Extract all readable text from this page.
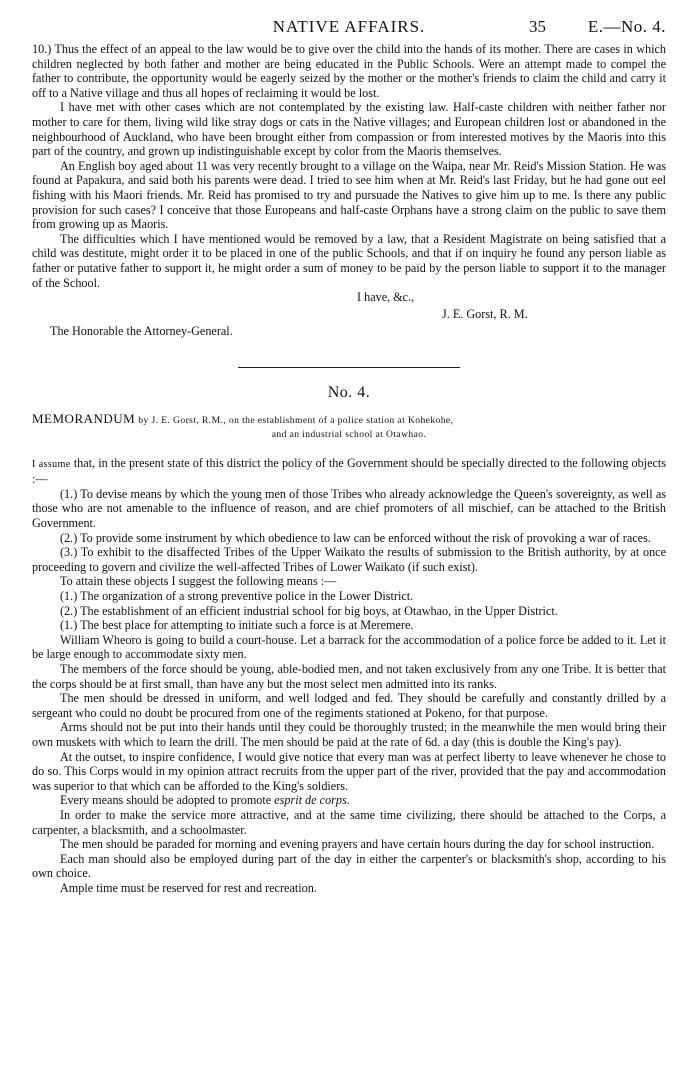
NATIVE AFFAIRS.	35 E.—No. 4.

10.) Thus the effect of an appeal to the law would be to give over the child into the hands of its mother. There are cases in which children neglected by both father and mother are being educated in the Public Schools. Were an attempt made to compel the father to contribute, the opportunity would be eagerly seized by the mother or the mother's friends to claim the child and carry it off to a Native village and thus all hopes of reclaiming it would be lost.

I have met with other cases which are not contemplated by the existing law. Half-caste children with neither father nor mother to care for them, living wild like stray dogs or cats in the Native villages; and European children lost or abandoned in the neighbourhood of Auckland, who have been brought either from compassion or from interested motives by the Maoris into this part of the country, and grown up indistinguishable except by color from the Maoris themselves.

An English boy aged about 11 was very recently brought to a village on the Waipa, near Mr. Reid's Mission Station. He was found at Papakura, and said both his parents were dead. I tried to see him when at Mr. Reid's last Friday, but he had gone out eel fishing with his Maori friends. Mr. Reid has promised to try and pursuade the Natives to give him up to me. Is there any public provision for such cases? I conceive that those Europeans and half-caste Orphans have a strong claim on the public to save them from growing up as Maoris.

The difficulties which I have mentioned would be removed by a law, that a Resident Magistrate on being satisfied that a child was destitute, might order it to be placed in one of the public Schools, and that if on inquiry he found any person liable as father or putative father to support it, he might order a sum of money to be paid by the person liable to support it to the manager of the School.

I have, &c.,
J. E. Gorst, R. M.
The Honorable the Attorney-General.
No. 4.
MEMORANDUM by J. E. Gorst, R.M., on the establishment of a police station at Kohekohe,
and an industrial school at Otawhao.

I assume that, in the present state of this district the policy of the Government should be specially directed to the following objects :—

(1.) To devise means by which the young men of those Tribes who already acknowledge the Queen's sovereignty, as well as those who are not amenable to the influence of reason, and are chief promoters of all mischief, can be attached to the British Government.

(2.) To provide some instrument by which obedience to law can be enforced without the risk of provoking a war of races.

(3.) To exhibit to the disaffected Tribes of the Upper Waikato the results of submission to the British authority, by at once proceeding to govern and civilize the well-affected Tribes of Lower Waikato (if such exist).

To attain these objects I suggest the following means :—

(1.) The organization of a strong preventive police in the Lower District.

(2.) The establishment of an efficient industrial school for big boys, at Otawhao, in the Upper District.

(1.) The best place for attempting to initiate such a force is at Meremere.

William Wheoro is going to build a court-house. Let a barrack for the accommodation of a police force be added to it. Let it be large enough to accommodate sixty men.

The members of the force should be young, able-bodied men, and not taken exclusively from any one Tribe. It is better that the corps should be at first small, than have any but the most select men admitted into its ranks.

The men should be dressed in uniform, and well lodged and fed. They should be carefully and constantly drilled by a sergeant who could no doubt be procured from one of the regiments stationed at Pokeno, for that purpose.

Arms should not be put into their hands until they could be thoroughly trusted; in the meanwhile the men would bring their own muskets with which to learn the drill. The men should be paid at the rate of 6d. a day (this is double the King's pay).

At the outset, to inspire confidence, I would give notice that every man was at perfect liberty to leave whenever he chose to do so. This Corps would in my opinion attract recruits from the upper part of the river, provided that the pay and accommodation was superior to that which can be afforded to the King's soldiers.

Every means should be adopted to promote esprit de corps.

In order to make the service more attractive, and at the same time civilizing, there should be attached to the Corps, a carpenter, a blacksmith, and a schoolmaster.

The men should be paraded for morning and evening prayers and have certain hours during the day for school instruction.

Each man should also be employed during part of the day in either the carpenter's or blacksmith's shop, according to his own choice.

Ample time must be reserved for rest and recreation.
